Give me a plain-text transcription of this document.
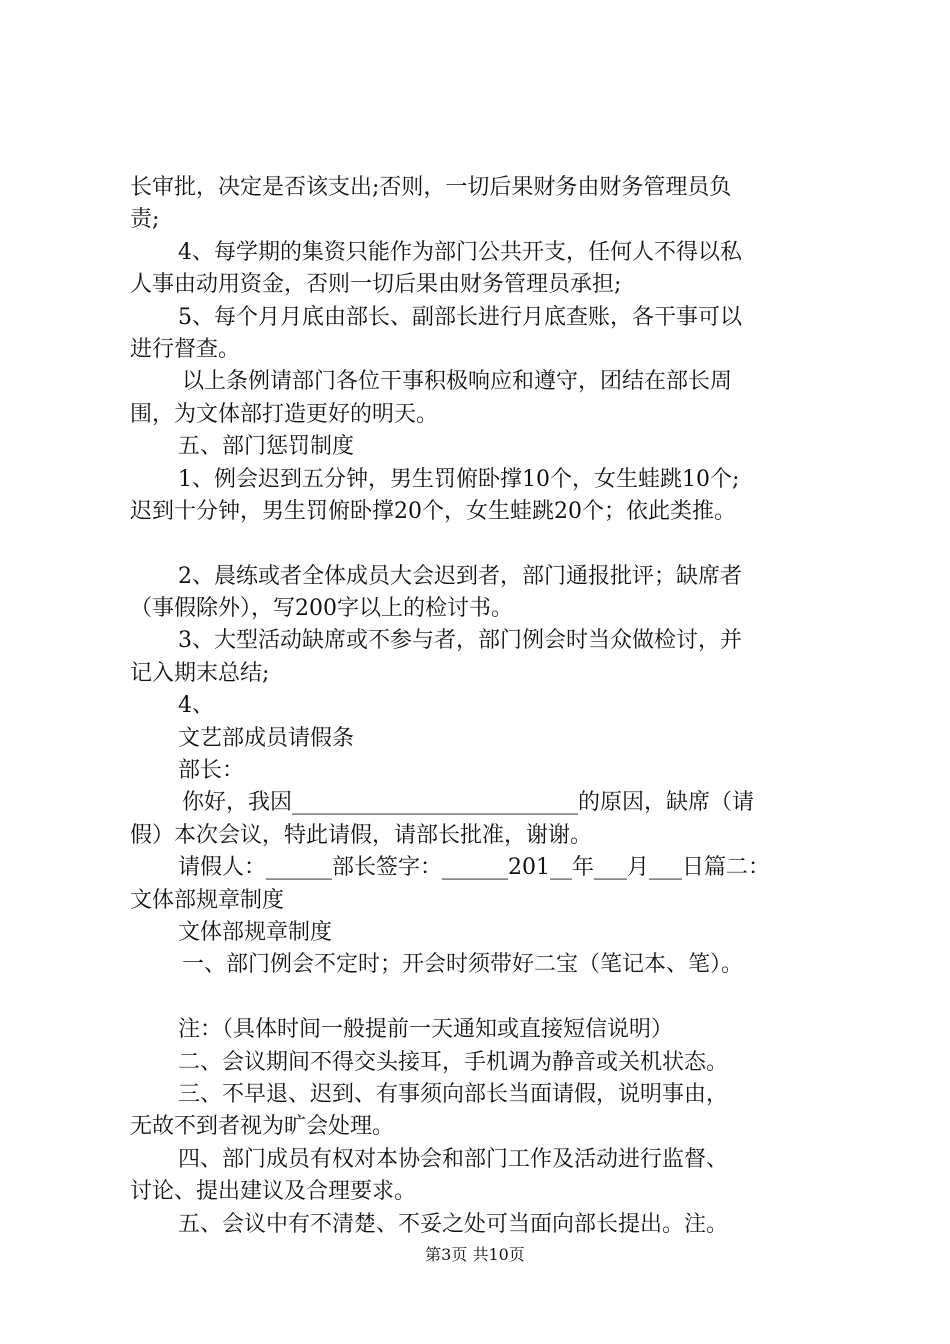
长审批，决定是否该支出;否则，一切后果财务由财务管理员负
责;
4、每学期的集资只能作为部门公共开支，任何人不得以私
人事由动用资金，否则一切后果由财务管理员承担;
5、每个月月底由部长、副部长进行月底查账，各干事可以
进行督查。
以上条例请部门各位干事积极响应和遵守，团结在部长周
围，为文体部打造更好的明天。
五、部门惩罚制度
1、例会迟到五分钟，男生罚俯卧撑10个，女生蛙跳10个;
迟到十分钟，男生罚俯卧撑20个，女生蛙跳20个；依此类推。
2、晨练或者全体成员大会迟到者，部门通报批评；缺席者
（事假除外），写200字以上的检讨书。
3、大型活动缺席或不参与者，部门例会时当众做检讨，并
记入期末总结;
4、
文艺部成员请假条
部长：
你好，我因__________________________的原因，缺席（请
假）本次会议，特此请假，请部长批准，谢谢。
请假人：______部长签字：______201__年___月___日篇二：
文体部规章制度
文体部规章制度
一、部门例会不定时；开会时须带好二宝（笔记本、笔）。
注：（具体时间一般提前一天通知或直接短信说明）
二、会议期间不得交头接耳，手机调为静音或关机状态。
三、不早退、迟到、有事须向部长当面请假，说明事由，
无故不到者视为旷会处理。
四、部门成员有权对本协会和部门工作及活动进行监督、
讨论、提出建议及合理要求。
五、会议中有不清楚、不妥之处可当面向部长提出。注。
第3页 共10页
